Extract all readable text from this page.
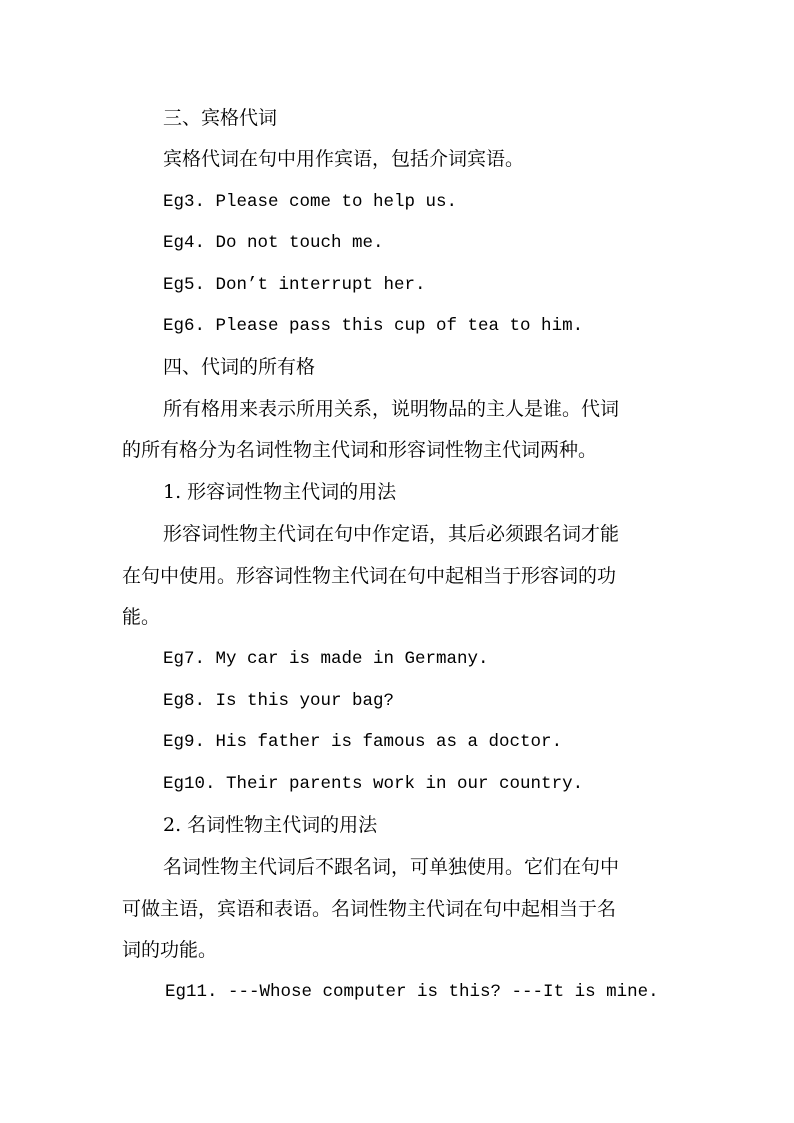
三、宾格代词
宾格代词在句中用作宾语，包括介词宾语。
Eg3. Please come to help us.
Eg4. Do not touch me.
Eg5. Don’t interrupt her.
Eg6. Please pass this cup of tea to him.
四、代词的所有格
所有格用来表示所用关系，说明物品的主人是谁。代词
的所有格分为名词性物主代词和形容词性物主代词两种。
1. 形容词性物主代词的用法
形容词性物主代词在句中作定语，其后必须跟名词才能
在句中使用。形容词性物主代词在句中起相当于形容词的功
能。
Eg7. My car is made in Germany.
Eg8. Is this your bag?
Eg9. His father is famous as a doctor.
Eg10. Their parents work in our country.
2. 名词性物主代词的用法
名词性物主代词后不跟名词，可单独使用。它们在句中
可做主语，宾语和表语。名词性物主代词在句中起相当于名
词的功能。
Eg11. ---Whose computer is this? ---It is mine.
